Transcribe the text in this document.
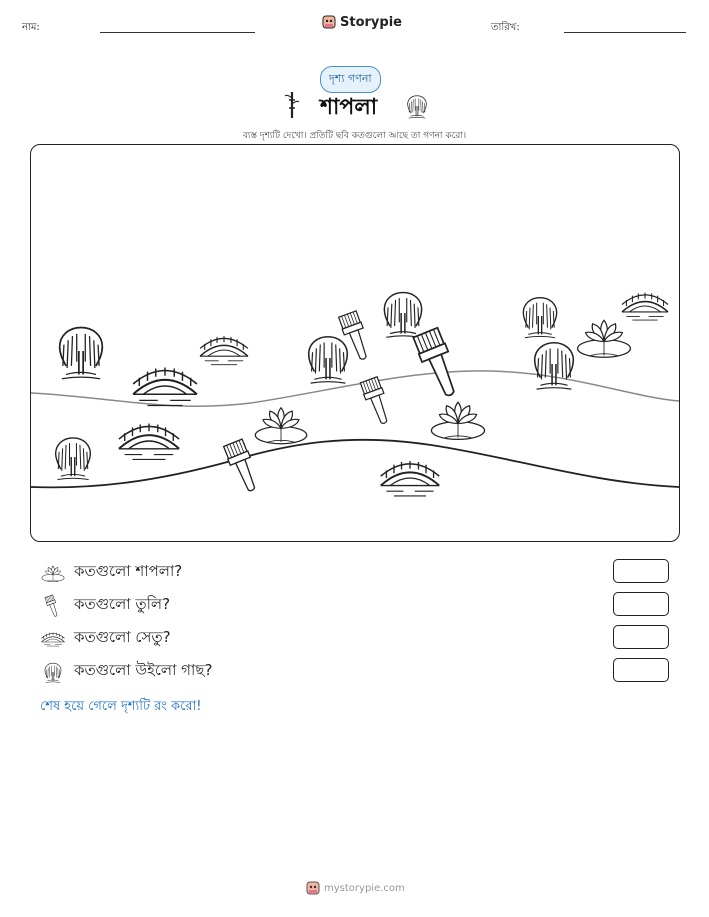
নাম:	Storypie	তারিখ:
দৃশ্য গণনা
শাপলা
ব্যস্ত দৃশ্যটি দেখো। প্রতিটি ছবি কতগুলো আছে তা গণনা করো।
কতগুলো শাপলা?
কতগুলো তুলি?
কতগুলো সেতু?
কতগুলো উইলো গাছ?
শেষ হয়ে গেলে দৃশ্যটি রং করো!
mystorypie.com
